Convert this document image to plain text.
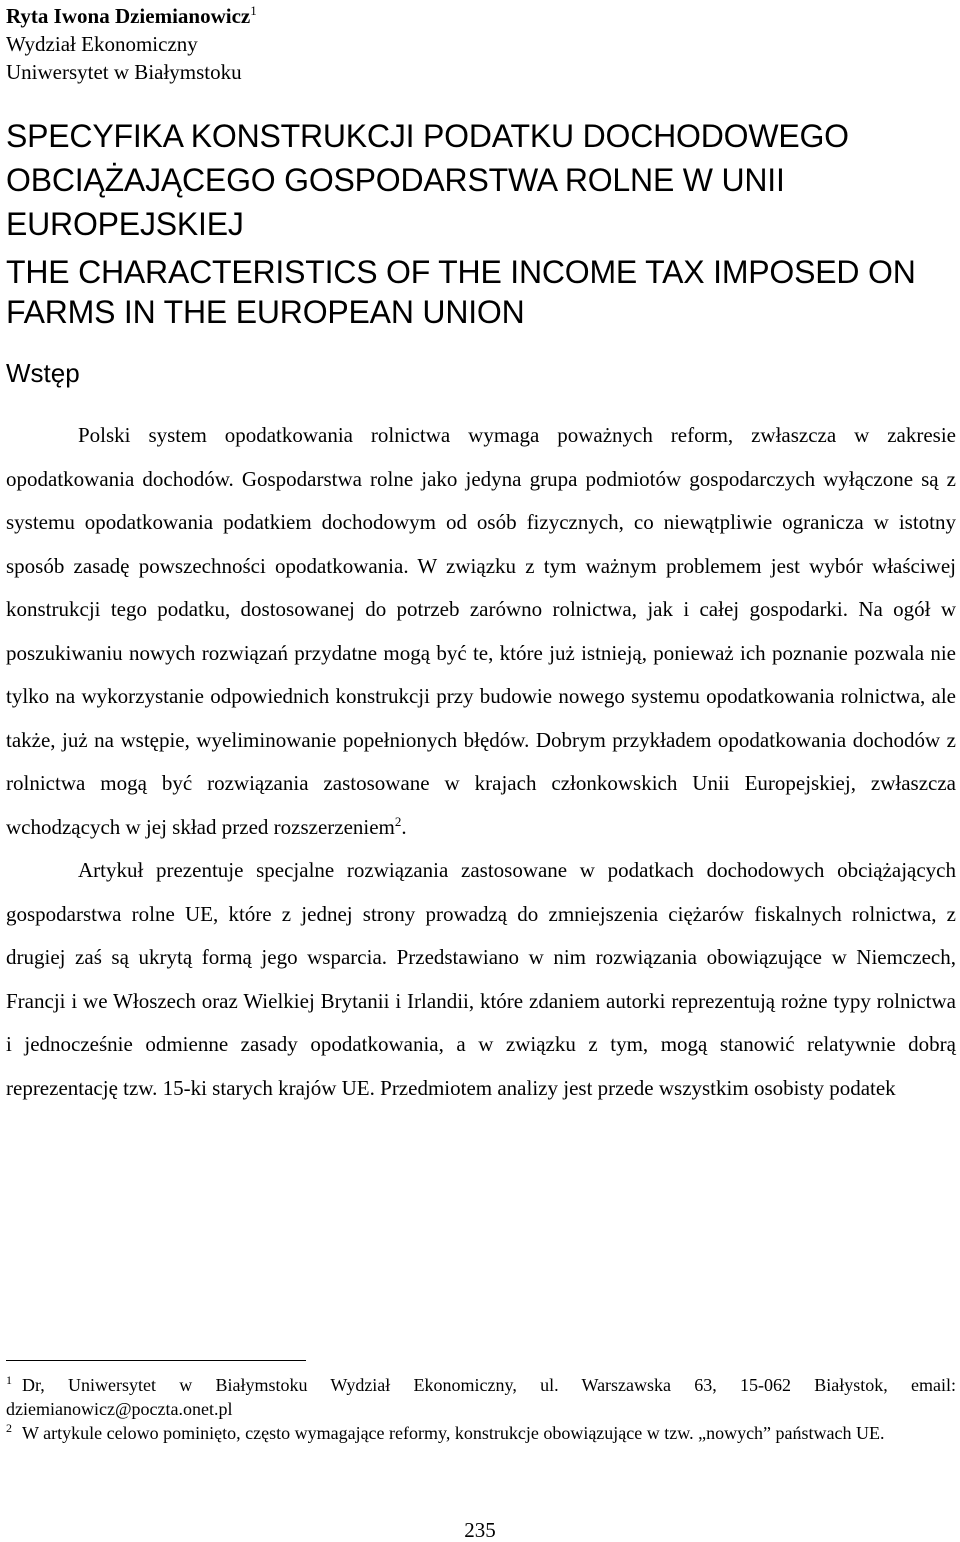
Ryta Iwona Dziemianowicz$^1$
Wydział Ekonomiczny
Uniwersytet w Białymstoku
SPECYFIKA KONSTRUKCJI PODATKU DOCHODOWEGO OBCIĄŻAJĄCEGO GOSPODARSTWA ROLNE W UNII EUROPEJSKIEJ
THE CHARACTERISTICS OF THE INCOME TAX IMPOSED ON FARMS IN THE EUROPEAN UNION
Wstęp

Polski system opodatkowania rolnictwa wymaga poważnych reform, zwłaszcza w zakresie opodatkowania dochodów. Gospodarstwa rolne jako jedyna grupa podmiotów gospodarczych wyłączone są z systemu opodatkowania podatkiem dochodowym od osób fizycznych, co niewątpliwie ogranicza w istotny sposób zasadę powszechności opodatkowania. W związku z tym ważnym problemem jest wybór właściwej konstrukcji tego podatku, dostosowanej do potrzeb zarówno rolnictwa, jak i całej gospodarki. Na ogół w poszukiwaniu nowych rozwiązań przydatne mogą być te, które już istnieją, ponieważ ich poznanie pozwala nie tylko na wykorzystanie odpowiednich konstrukcji przy budowie nowego systemu opodatkowania rolnictwa, ale także, już na wstępie, wyeliminowanie popełnionych błędów. Dobrym przykładem opodatkowania dochodów z rolnictwa mogą być rozwiązania zastosowane w krajach członkowskich Unii Europejskiej, zwłaszcza wchodzących w jej skład przed rozszerzeniem$^2$.

Artykuł prezentuje specjalne rozwiązania zastosowane w podatkach dochodowych obciążających gospodarstwa rolne UE, które z jednej strony prowadzą do zmniejszenia ciężarów fiskalnych rolnictwa, z drugiej zaś są ukrytą formą jego wsparcia. Przedstawiano w nim rozwiązania obowiązujące w Niemczech, Francji i we Włoszech oraz Wielkiej Brytanii i Irlandii, które zdaniem autorki reprezentują rożne typy rolnictwa i jednocześnie odmienne zasady opodatkowania, a w związku z tym, mogą stanowić relatywnie dobrą reprezentację tzw. 15-ki starych krajów UE. Przedmiotem analizy jest przede wszystkim osobisty podatek

$^1$ Dr, Uniwersytet w Białymstoku Wydział Ekonomiczny, ul. Warszawska 63, 15-062 Białystok, email: dziemianowicz@poczta.onet.pl

$^2$ W artykule celowo pominięto, często wymagające reformy, konstrukcje obowiązujące w tzw. „nowych” państwach UE.

235
